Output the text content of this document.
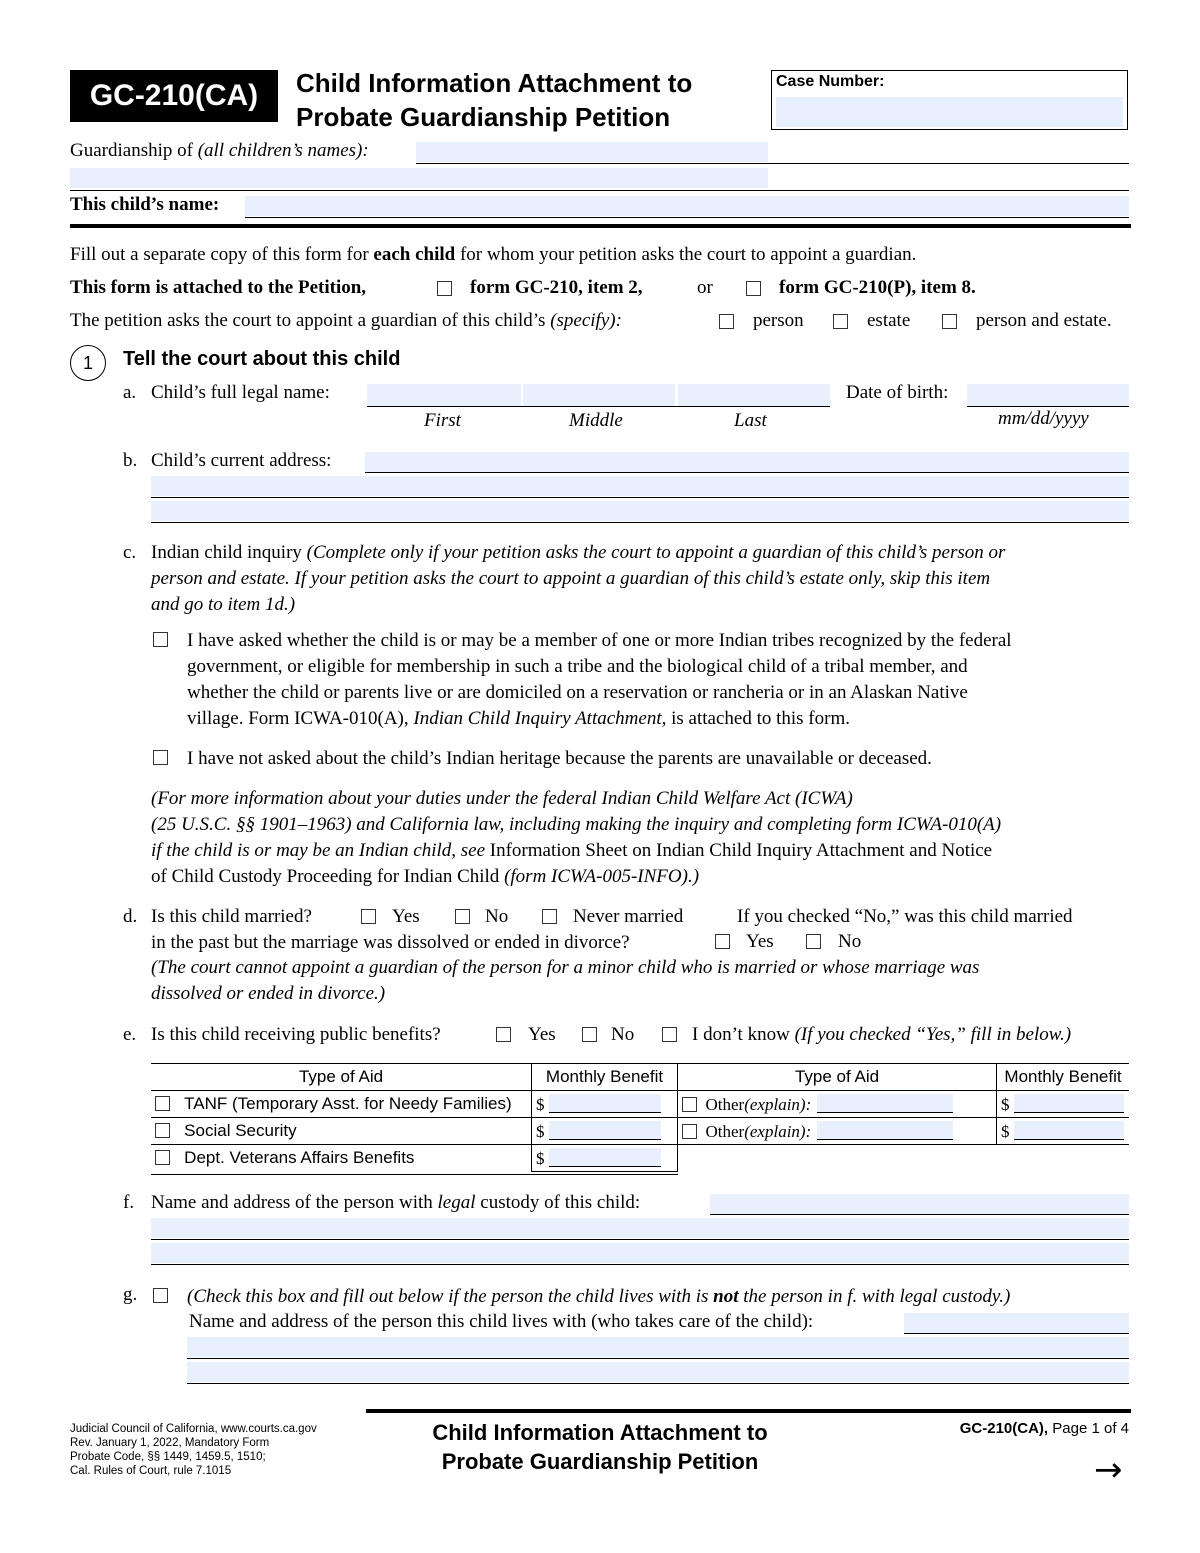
GC-210(CA)	Child Information Attachment to
Probate Guardianship Petition
Case Number:
Guardianship of (all children’s names):
This child’s name:
Fill out a separate copy of this form for each child for whom your petition asks the court to appoint a guardian.
This form is attached to the Petition,	form GC-210, item 2,	or	form GC-210(P), item 8.
The petition asks the court to appoint a guardian of this child’s (specify):	person	estate	person and estate.
1	Tell the court about this child
a. Child’s full legal name:
First	Middle	Last
Date of birth:
mm/dd/yyyy
b. Child’s current address:
c. Indian child inquiry (Complete only if your petition asks the court to appoint a guardian of this child’s person or
person and estate. If your petition asks the court to appoint a guardian of this child’s estate only, skip this item
and go to item 1d.)
I have asked whether the child is or may be a member of one or more Indian tribes recognized by the federal
government, or eligible for membership in such a tribe and the biological child of a tribal member, and
whether the child or parents live or are domiciled on a reservation or rancheria or in an Alaskan Native
village. Form ICWA-010(A), Indian Child Inquiry Attachment, is attached to this form.
I have not asked about the child’s Indian heritage because the parents are unavailable or deceased.
(For more information about your duties under the federal Indian Child Welfare Act (ICWA)
(25 U.S.C. §§ 1901–1963) and California law, including making the inquiry and completing form ICWA-010(A)
if the child is or may be an Indian child, see Information Sheet on Indian Child Inquiry Attachment and Notice
of Child Custody Proceeding for Indian Child (form ICWA-005-INFO).)
d. Is this child married?	Yes	No	Never married	If you checked “No,” was this child married
in the past but the marriage was dissolved or ended in divorce?	Yes	No
(The court cannot appoint a guardian of the person for a minor child who is married or whose marriage was
dissolved or ended in divorce.)
e. Is this child receiving public benefits?	Yes	No	I don’t know (If you checked “Yes,” fill in below.)
Type of Aid	Monthly Benefit
TANF (Temporary Asst. for Needy Families)	$
Social Security	$
Dept. Veterans Affairs Benefits	$
Type of Aid	Monthly Benefit
Other(explain):	$
Other(explain):	$
f. Name and address of the person with legal custody of this child:
g.	(Check this box and fill out below if the person the child lives with is not the person in f. with legal custody.)
Name and address of the person this child lives with (who takes care of the child):
Judicial Council of California, www.courts.ca.gov
Rev. January 1, 2022, Mandatory Form
Probate Code, §§ 1449, 1459.5, 1510;
Cal. Rules of Court, rule 7.1015
Child Information Attachment to
Probate Guardianship Petition
GC-210(CA), Page 1 of 4
→
